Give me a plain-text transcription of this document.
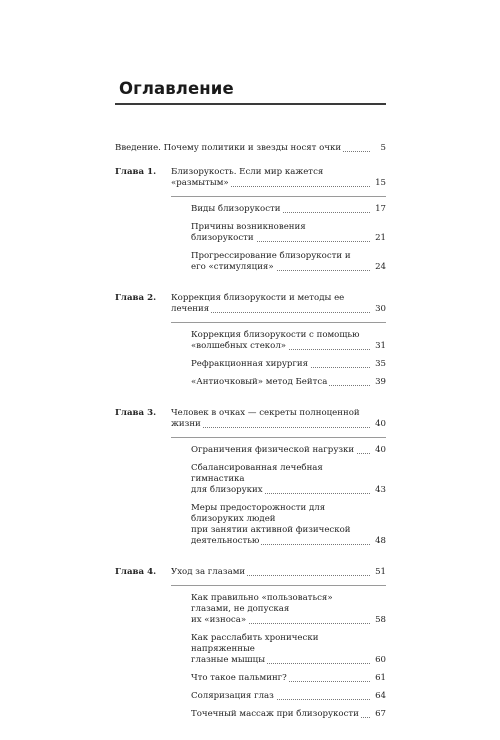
Оглавление
Введение. Почему политики и звезды носят очки	5
Глава 1.	Близорукость. Если мир кажется «размытым»	15
Виды близорукости	17
Причины возникновения близорукости	21
Прогрессирование близорукости и его «стимуляция»	24
Глава 2.	Коррекция близорукости и методы ее лечения	30
Коррекция близорукости с помощью
«волшебных стекол»	31
Рефракционная хирургия	35
«Антиочковый» метод Бейтса	39
Глава 3.	Человек в очках — секреты полноценной жизни	40
Ограничения физической нагрузки 40
Сбалансированная лечебная гимнастика
для близоруких	43
Меры предосторожности для близоруких людей
при занятии активной физической деятельностью	48
Глава 4.	Уход за глазами	51
Как правильно «пользоваться» глазами, не допуская
их «износа»	58
Как расслабить хронически напряженные
глазные мышцы	60
Что такое пальминг?	61
Соляризация глаз	64
Точечный массаж при близорукости 67
